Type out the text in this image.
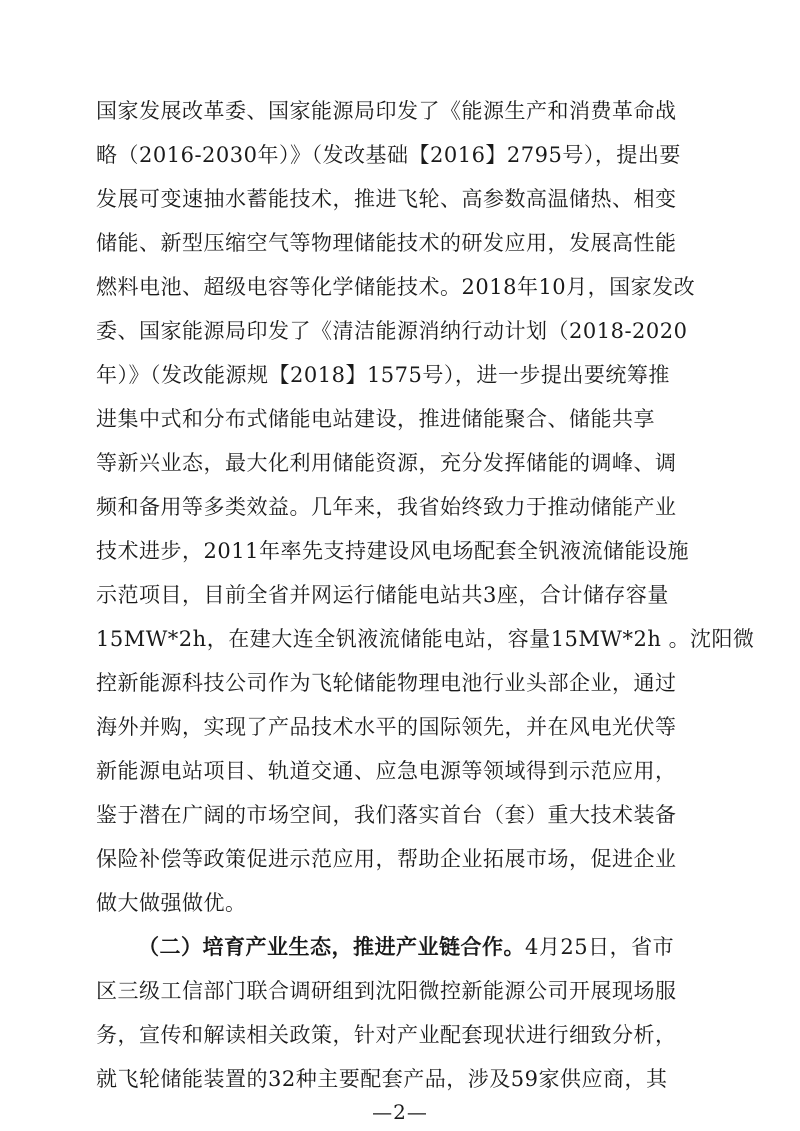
国家发展改革委、国家能源局印发了《能源生产和消费革命战
略（2016-2030年）》（发改基础【2016】2795号），提出要
发展可变速抽水蓄能技术，推进飞轮、高参数高温储热、相变
储能、新型压缩空气等物理储能技术的研发应用，发展高性能
燃料电池、超级电容等化学储能技术。2018年10月，国家发改
委、国家能源局印发了《清洁能源消纳行动计划（2018-2020
年）》（发改能源规【2018】1575号），进一步提出要统筹推
进集中式和分布式储能电站建设，推进储能聚合、储能共享
等新兴业态，最大化利用储能资源，充分发挥储能的调峰、调
频和备用等多类效益。几年来，我省始终致力于推动储能产业
技术进步，2011年率先支持建设风电场配套全钒液流储能设施
示范项目，目前全省并网运行储能电站共3座，合计储存容量
15MW*2h，在建大连全钒液流储能电站，容量15MW*2h 。沈阳微
控新能源科技公司作为飞轮储能物理电池行业头部企业，通过
海外并购，实现了产品技术水平的国际领先，并在风电光伏等
新能源电站项目、轨道交通、应急电源等领域得到示范应用，
鉴于潜在广阔的市场空间，我们落实首台（套）重大技术装备
保险补偿等政策促进示范应用，帮助企业拓展市场，促进企业
做大做强做优。
（二）培育产业生态，推进产业链合作。4月25日，省市
区三级工信部门联合调研组到沈阳微控新能源公司开展现场服
务，宣传和解读相关政策，针对产业配套现状进行细致分析，
就飞轮储能装置的32种主要配套产品，涉及59家供应商，其
—2—
